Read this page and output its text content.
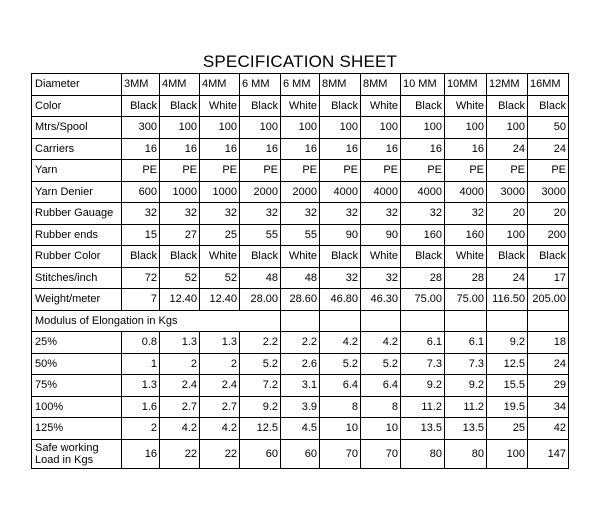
SPECIFICATION SHEET
Diameter	3MM	4MM	4MM	6 MM	6 MM	8MM	8MM	10 MM	10MM	12MM	16MM
Color	Black	Black	White	Black	White	Black	White	Black	White	Black	Black
Mtrs/Spool	300	100	100	100	100	100	100	100	100	100	50
Carriers	16	16	16	16	16	16	16	16	16	24	24
Yarn	PE	PE	PE	PE	PE	PE	PE	PE	PE	PE	PE
Yarn Denier	600	1000	1000	2000	2000	4000	4000	4000	4000	3000	3000
Rubber Gauage	32	32	32	32	32	32	32	32	32	20	20
Rubber ends	15	27	25	55	55	90	90	160	160	100	200
Rubber Color	Black	Black	White	Black	White	Black	White	Black	White	Black	Black
Stitches/inch	72	52	52	48	48	32	32	28	28	24	17
Weight/meter	7	12.40	12.40	28.00	28.60	46.80	46.30	75.00	75.00	116.50	205.00
Modulus of Elongation in Kgs											
25%	0.8	1.3	1.3	2.2	2.2	4.2	4.2	6.1	6.1	9.2	18
50%	1	2	2	5.2	2.6	5.2	5.2	7.3	7.3	12.5	24
75%	1.3	2.4	2.4	7.2	3.1	6.4	6.4	9.2	9.2	15.5	29
100%	1.6	2.7	2.7	9.2	3.9	8	8	11.2	11.2	19.5	34
125%	2	4.2	4.2	12.5	4.5	10	10	13.5	13.5	25	42
Safe working Load in Kgs	16	22	22	60	60	70	70	80	80	100	147
